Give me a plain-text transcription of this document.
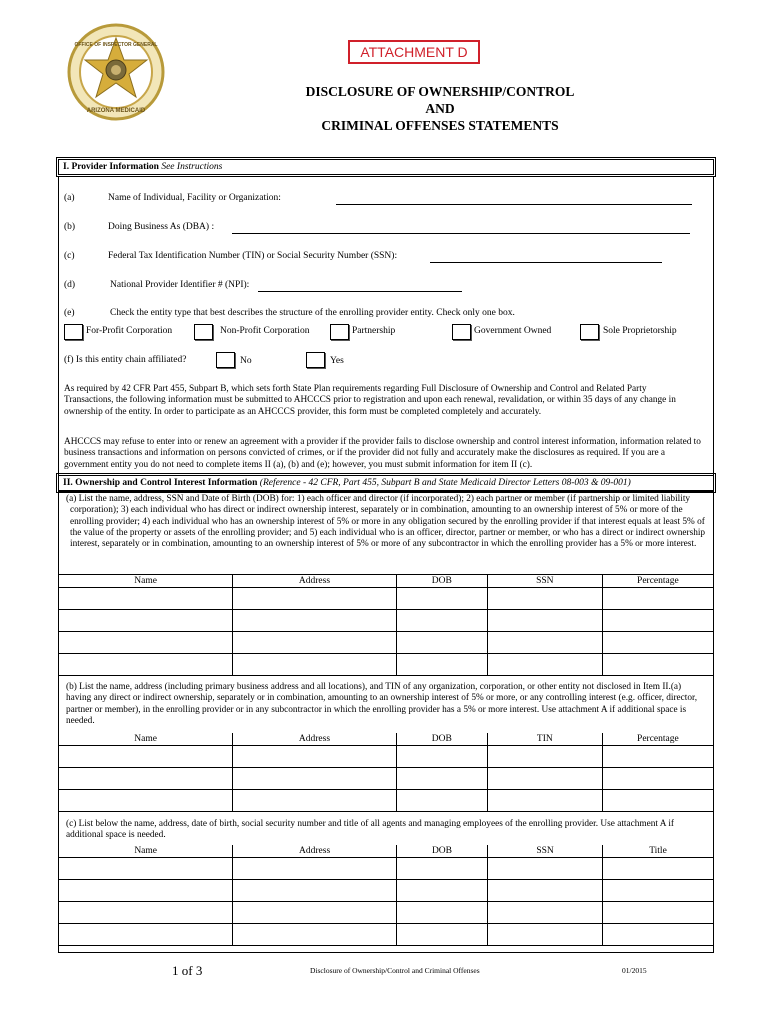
OFFICE OF INSPECTOR GENERAL
ARIZONA MEDICAID
ATTACHMENT D
DISCLOSURE OF OWNERSHIP/CONTROL
AND
CRIMINAL OFFENSES STATEMENTS
I. Provider Information See Instructions
(a)	Name of Individual, Facility or Organization:
(b)	Doing Business As (DBA) :
(c)	Federal Tax Identification Number (TIN) or Social Security Number (SSN):
(d)	National Provider Identifier # (NPI):
(e)	Check the entity type that best describes the structure of the enrolling provider entity. Check only one box.
For-Profit Corporation	Non-Profit Corporation	Partnership	Government Owned	Sole Proprietorship
(f) Is this entity chain affiliated?	No	Yes
As required by 42 CFR Part 455, Subpart B, which sets forth State Plan requirements regarding Full Disclosure of Ownership and Control and Related Party Transactions, the following information must be submitted to AHCCCS prior to registration and upon each renewal, revalidation, or within 35 days of any change in ownership of the entity. In order to participate as an AHCCCS provider, this form must be completed completely and accurately.
AHCCCS may refuse to enter into or renew an agreement with a provider if the provider fails to disclose ownership and control interest information, information related to business transactions and information on persons convicted of crimes, or if the provider did not fully and accurately make the disclosures as required. If you are a government entity you do not need to complete items II (a), (b) and (e); however, you must submit information for item II (c).
II. Ownership and Control Interest Information (Reference - 42 CFR, Part 455, Subpart B and State Medicaid Director Letters 08-003 & 09-001)
(a) List the name, address, SSN and Date of Birth (DOB) for: 1) each officer and director (if incorporated); 2) each partner or member (if partnership or limited liability corporation); 3) each individual who has direct or indirect ownership interest, separately or in combination, amounting to an ownership interest of 5% or more of the enrolling provider; 4) each individual who has an ownership interest of 5% or more in any obligation secured by the enrolling provider if that interest equals at least 5% of the value of the property or assets of the enrolling provider; and 5) each individual who is an officer, director, partner or member, or who has a direct or indirect ownership interest, separately or in combination, amounting to an ownership interest of 5% or more of any subcontractor in which the enrolling provider has a 5% or more interest.
Name	Address	DOB	SSN	Percentage

(b) List the name, address (including primary business address and all locations), and TIN of any organization, corporation, or other entity not disclosed in Item II.(a) having any direct or indirect ownership, separately or in combination, amounting to an ownership interest of 5% or more, or any controlling interest (e.g. officer, director, partner or member), in the enrolling provider or in any subcontractor in which the enrolling provider has a 5% or more interest. Use attachment A if additional space is needed.
Name	Address	DOB	TIN	Percentage

(c) List below the name, address, date of birth, social security number and title of all agents and managing employees of the enrolling provider. Use attachment A if additional space is needed.
Name	Address	DOB	SSN	Title

1 of 3	Disclosure of Ownership/Control and Criminal Offenses	01/2015
